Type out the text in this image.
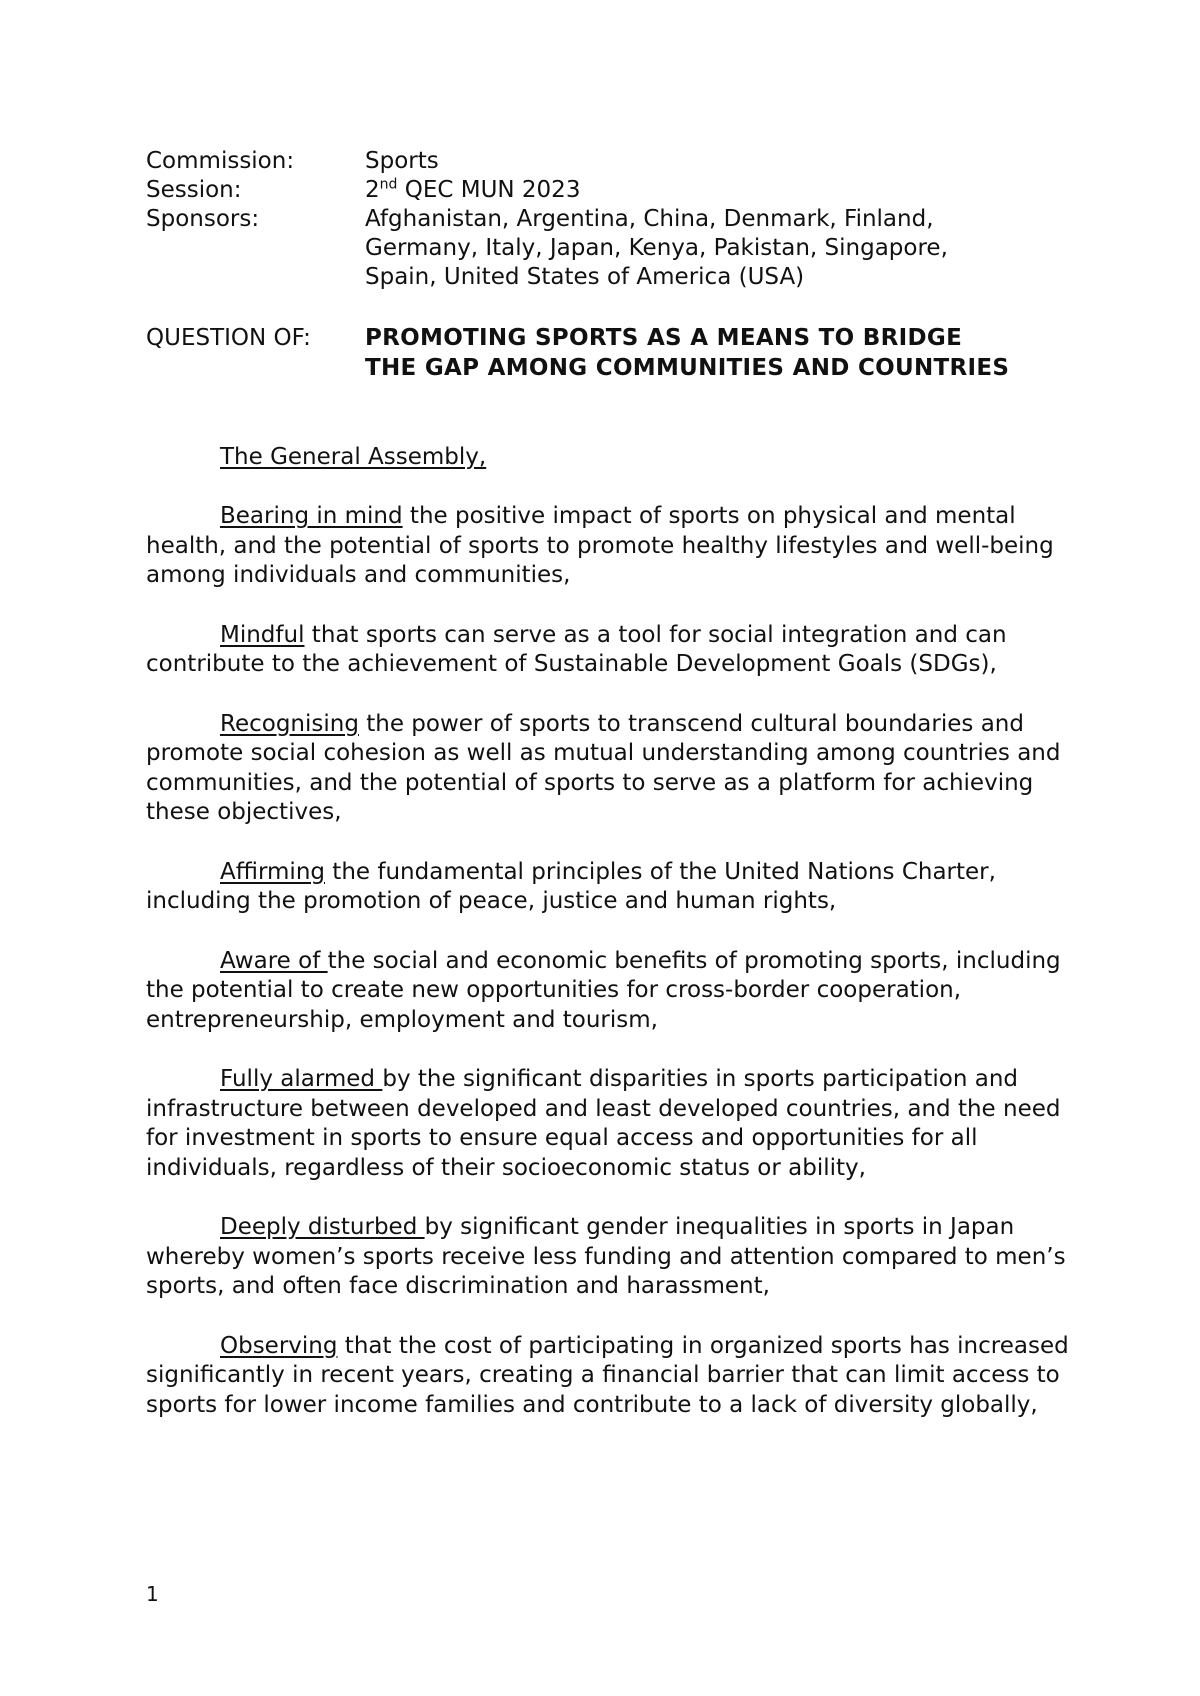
Commission:	Sports
Session:	2nd QEC MUN 2023
Sponsors:	Afghanistan, Argentina, China, Denmark, Finland,
Germany, Italy, Japan, Kenya, Pakistan, Singapore,
Spain, United States of America (USA)
QUESTION OF: PROMOTING SPORTS AS A MEANS TO BRIDGE
THE GAP AMONG COMMUNITIES AND COUNTRIES
The General Assembly,

Bearing in mind the positive impact of sports on physical and mental health, and the potential of sports to promote healthy lifestyles and well-being among individuals and communities,

Mindful that sports can serve as a tool for social integration and can contribute to the achievement of Sustainable Development Goals (SDGs),

Recognising the power of sports to transcend cultural boundaries and promote social cohesion as well as mutual understanding among countries and communities, and the potential of sports to serve as a platform for achieving these objectives,

Affirming the fundamental principles of the United Nations Charter, including the promotion of peace, justice and human rights,

Aware of the social and economic benefits of promoting sports, including the potential to create new opportunities for cross-border cooperation, entrepreneurship, employment and tourism,

Fully alarmed by the significant disparities in sports participation and infrastructure between developed and least developed countries, and the need for investment in sports to ensure equal access and opportunities for all individuals, regardless of their socioeconomic status or ability,

Deeply disturbed by significant gender inequalities in sports in Japan whereby women’s sports receive less funding and attention compared to men’s sports, and often face discrimination and harassment,

Observing that the cost of participating in organized sports has increased significantly in recent years, creating a financial barrier that can limit access to sports for lower income families and contribute to a lack of diversity globally,

1
